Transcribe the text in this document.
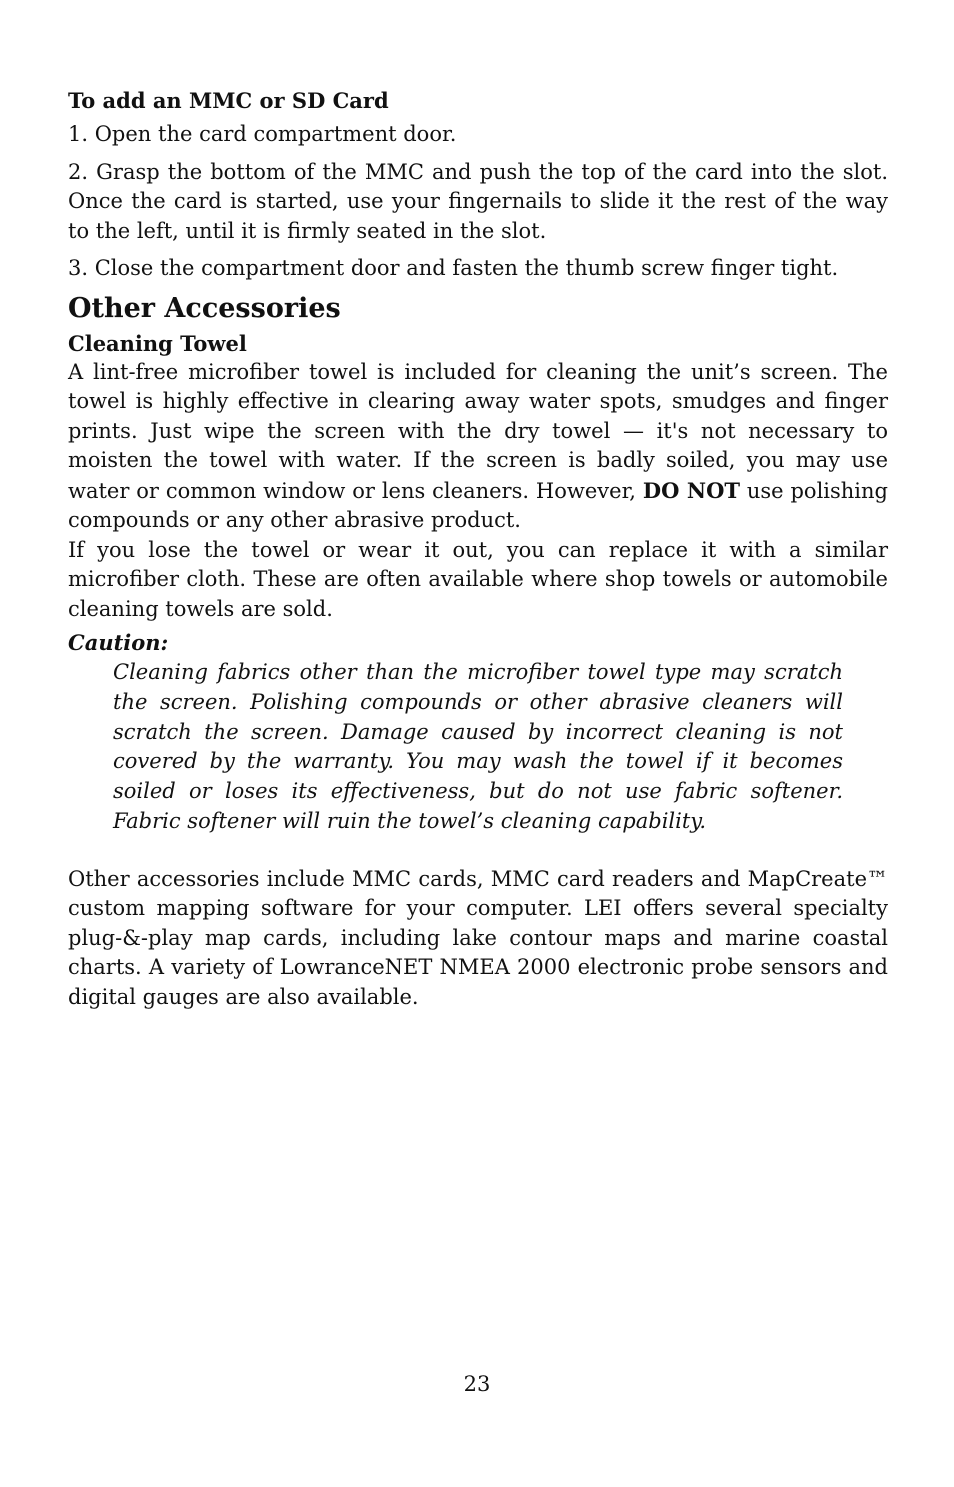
To add an MMC or SD Card

1. Open the card compartment door.

2. Grasp the bottom of the MMC and push the top of the card into the slot. Once the card is started, use your fingernails to slide it the rest of the way to the left, until it is firmly seated in the slot.

3. Close the compartment door and fasten the thumb screw finger tight.

Other Accessories
Cleaning Towel

A lint-free microfiber towel is included for cleaning the unit’s screen. The towel is highly effective in clearing away water spots, smudges and finger prints. Just wipe the screen with the dry towel — it's not necessary to moisten the towel with water. If the screen is badly soiled, you may use water or common window or lens cleaners. However, DO NOT use polishing compounds or any other abrasive product.

If you lose the towel or wear it out, you can replace it with a similar microfiber cloth. These are often available where shop towels or automobile cleaning towels are sold.

Caution:

Cleaning fabrics other than the microfiber towel type may scratch the screen. Polishing compounds or other abrasive cleaners will scratch the screen. Damage caused by incorrect cleaning is not covered by the warranty. You may wash the towel if it becomes soiled or loses its effectiveness, but do not use fabric softener. Fabric softener will ruin the towel’s cleaning capability.

Other accessories include MMC cards, MMC card readers and MapCreate™ custom mapping software for your computer. LEI offers several specialty plug-&-play map cards, including lake contour maps and marine coastal charts. A variety of LowranceNET NMEA 2000 electronic probe sensors and digital gauges are also available.

23
